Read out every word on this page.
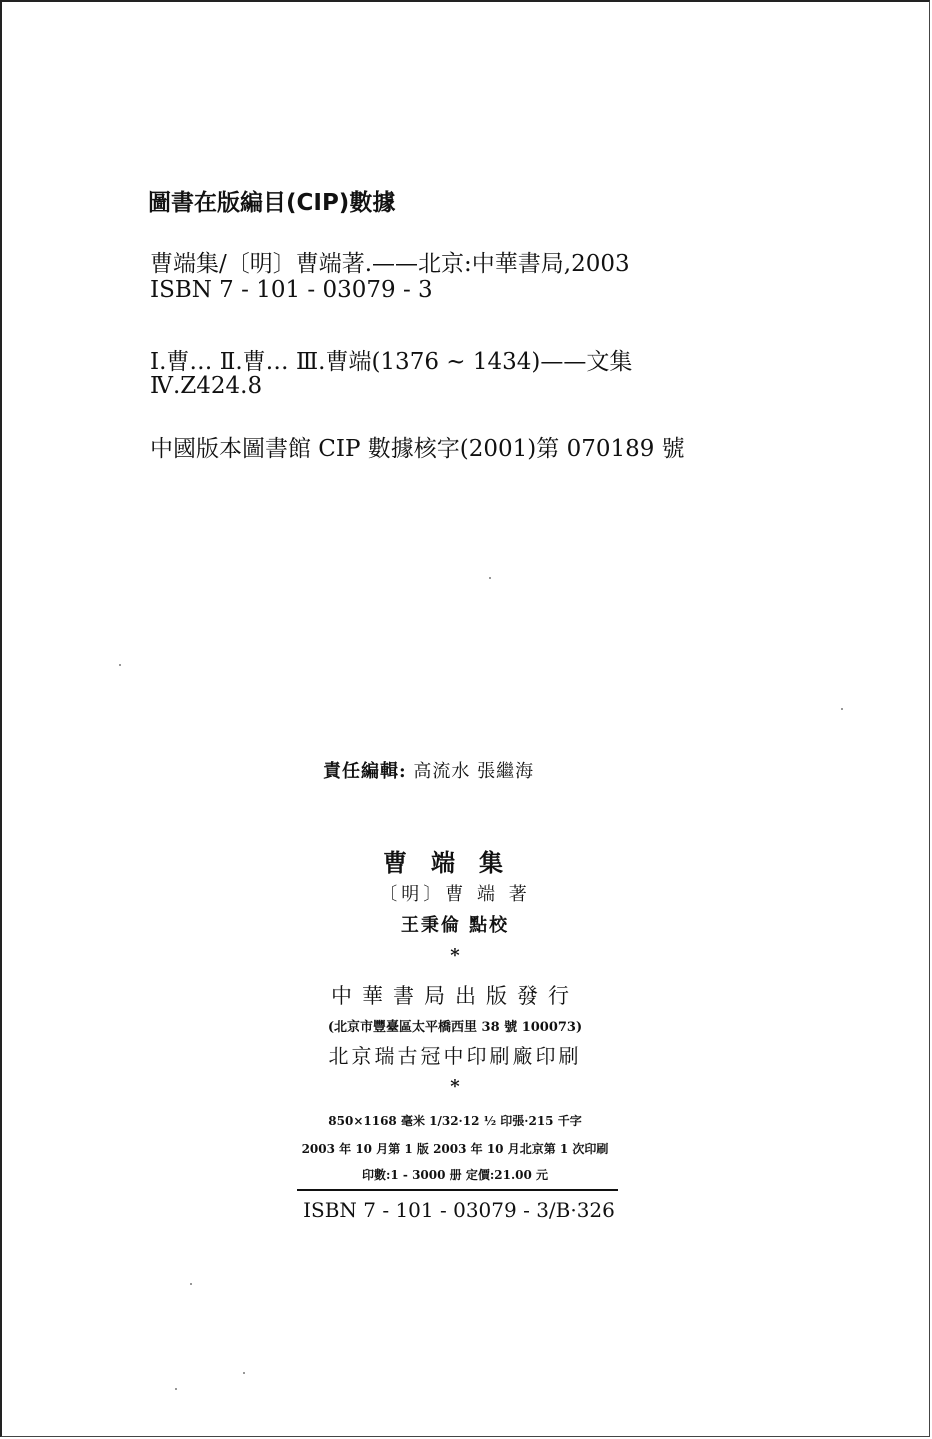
圖書在版編目(CIP)數據
曹端集/〔明〕曹端著.——北京:中華書局,2003
ISBN 7 - 101 - 03079 - 3
Ⅰ.曹… Ⅱ.曹… Ⅲ.曹端(1376 ~ 1434)——文集
Ⅳ.Z424.8
中國版本圖書館 CIP 數據核字(2001)第 070189 號
責任編輯: 高流水 張繼海
曹端集
〔明〕曹 端 著
王秉倫 點校
*
中華書局出版發行
(北京市豐臺區太平橋西里 38 號 100073)
北京瑞古冠中印刷廠印刷
*
850×1168 毫米 1/32·12 ½ 印張·215 千字
2003 年 10 月第 1 版 2003 年 10 月北京第 1 次印刷
印數:1 - 3000 册 定價:21.00 元
ISBN 7 - 101 - 03079 - 3/B·326
